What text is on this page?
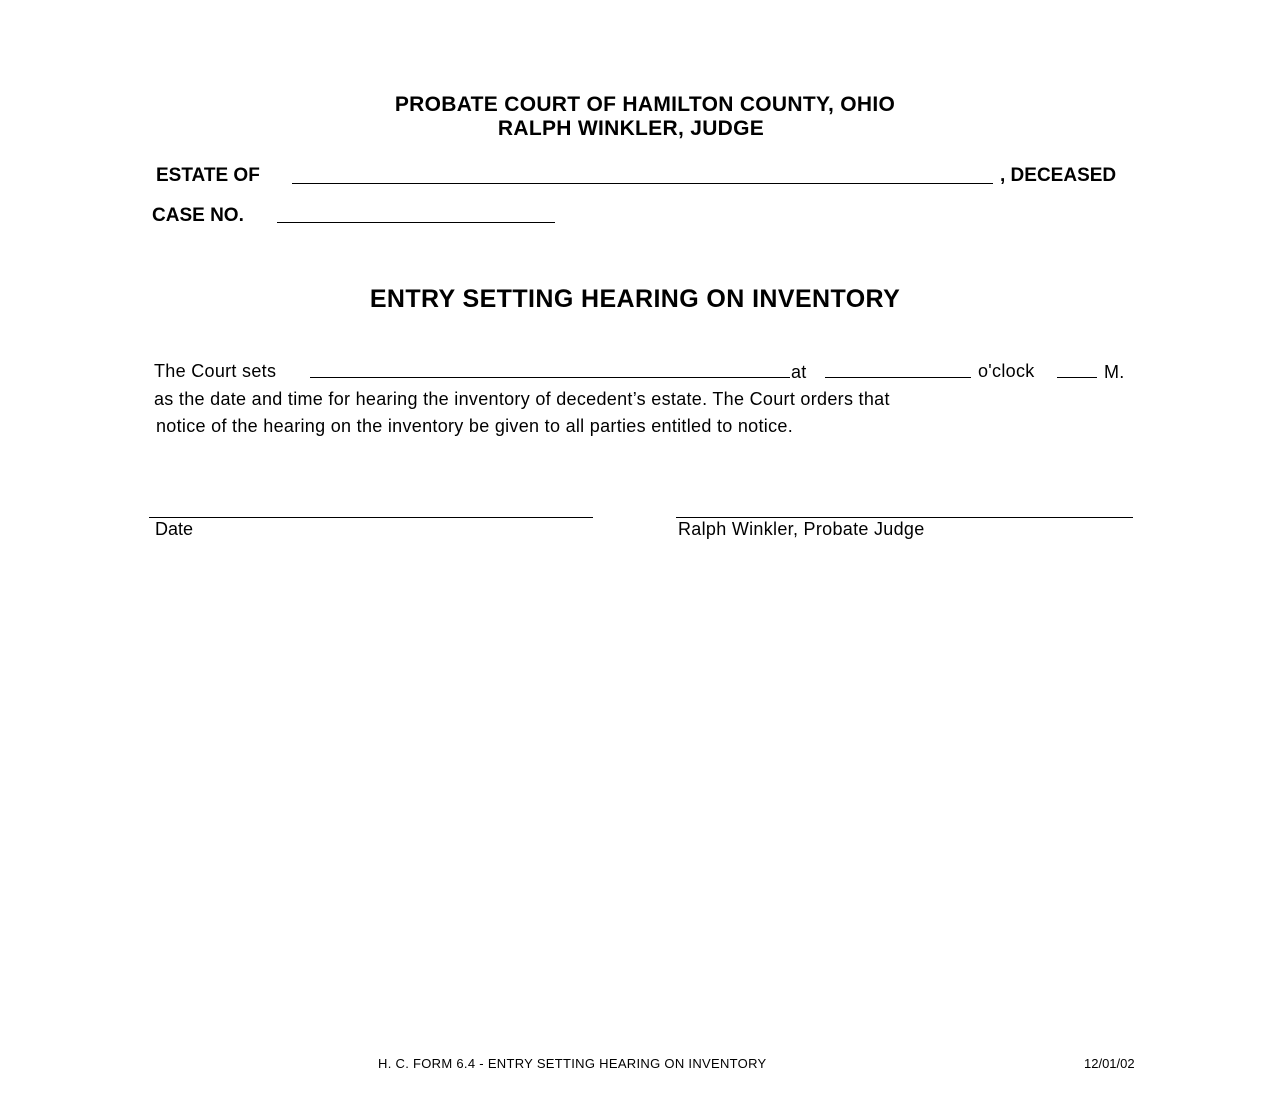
PROBATE COURT OF HAMILTON COUNTY, OHIO
RALPH WINKLER, JUDGE
ESTATE OF	, DECEASED
CASE NO.
ENTRY SETTING HEARING ON INVENTORY
The Court sets	at	o'clock	M.
as the date and time for hearing the inventory of decedent’s estate. The Court orders that
notice of the hearing on the inventory be given to all parties entitled to notice.
Date	Ralph Winkler, Probate Judge
H. C. FORM 6.4 - ENTRY SETTING HEARING ON INVENTORY	12/01/02
